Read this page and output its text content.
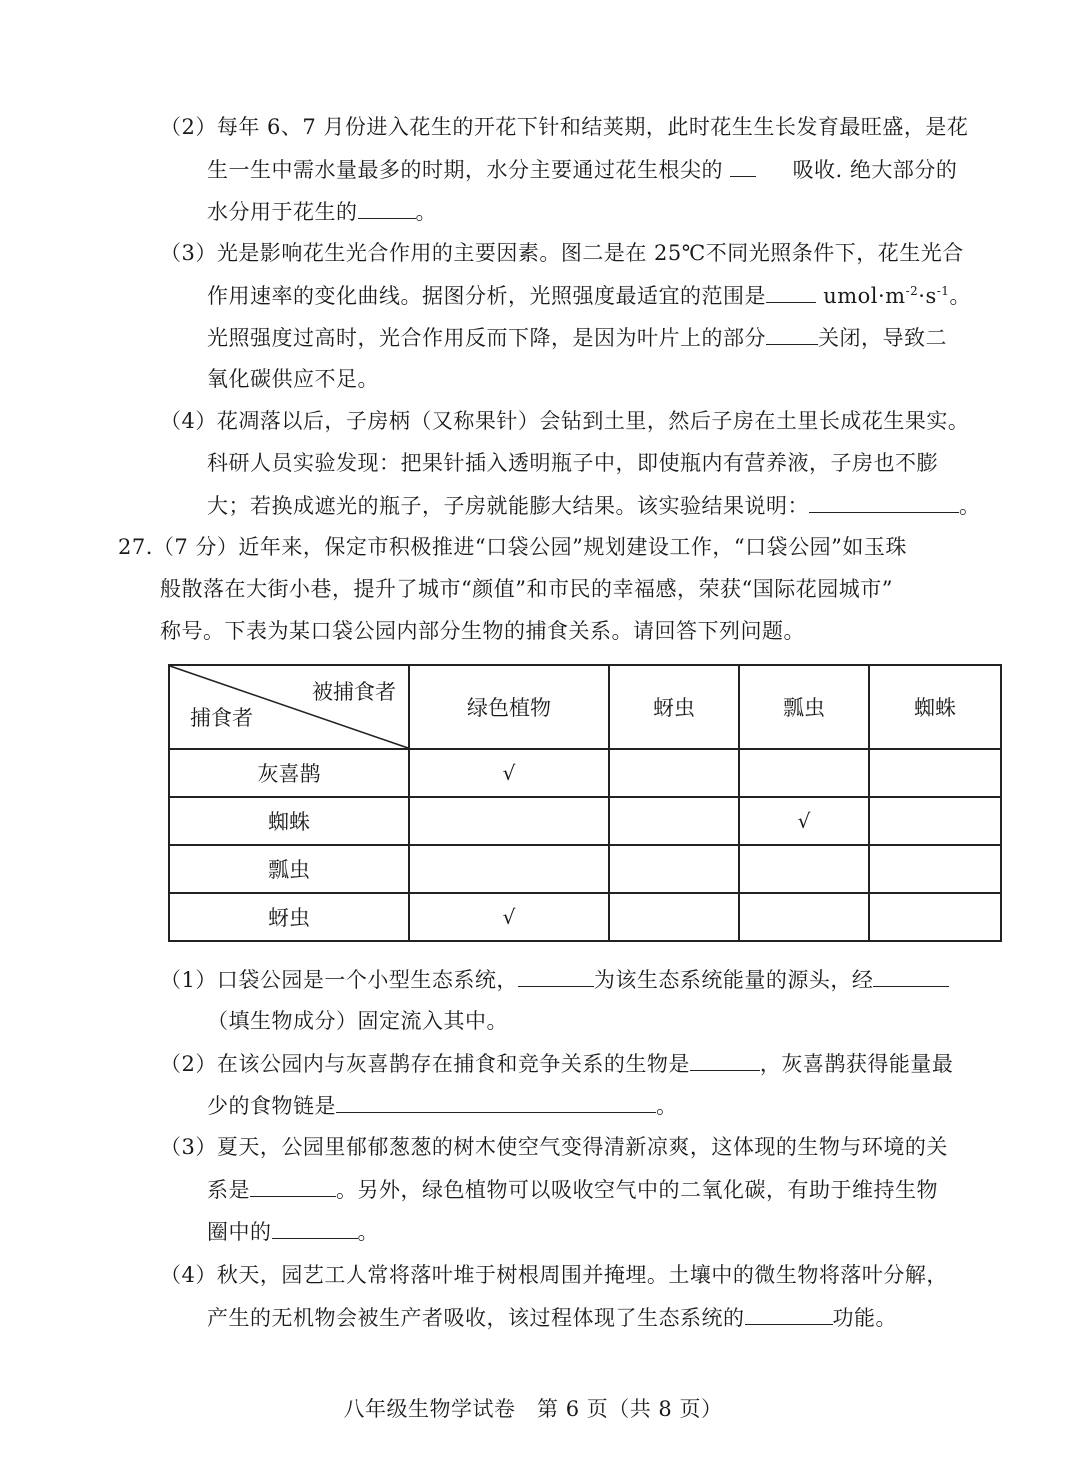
（2）每年 6、7 月份进入花生的开花下针和结荚期，此时花生生长发育最旺盛，是花
生一生中需水量最多的时期，水分主要通过花生根尖的	吸收. 绝大部分的
水分用于花生的	。
（3）光是影响花生光合作用的主要因素。图二是在 25℃不同光照条件下，花生光合
作用速率的变化曲线。据图分析，光照强度最适宜的范围是	$umol\cdot m^{-2}\cdot s^{-1}$。
光照强度过高时，光合作用反而下降，是因为叶片上的部分 关闭，导致二
氧化碳供应不足。
（4）花凋落以后，子房柄（又称果针）会钻到土里，然后子房在土里长成花生果实。
科研人员实验发现：把果针插入透明瓶子中，即使瓶内有营养液，子房也不膨
大；若换成遮光的瓶子，子房就能膨大结果。该实验结果说明：	。
27.（7 分）近年来，保定市积极推进“口袋公园”规划建设工作，“口袋公园”如玉珠
般散落在大街小巷，提升了城市“颜值”和市民的幸福感，荣获“国际花园城市”
称号。下表为某口袋公园内部分生物的捕食关系。请回答下列问题。
被捕食者
捕食者	绿色植物	蚜虫	瓢虫	蜘蛛
灰喜鹊	√			
蜘蛛			√	
瓢虫				
蚜虫	√			
（1）口袋公园是一个小型生态系统，	为该生态系统能量的源头，经
（填生物成分）固定流入其中。
（2）在该公园内与灰喜鹊存在捕食和竞争关系的生物是	，灰喜鹊获得能量最
少的食物链是	。
（3）夏天，公园里郁郁葱葱的树木使空气变得清新凉爽，这体现的生物与环境的关
系是	。另外，绿色植物可以吸收空气中的二氧化碳，有助于维持生物
圈中的	。
（4）秋天，园艺工人常将落叶堆于树根周围并掩埋。土壤中的微生物将落叶分解，
产生的无机物会被生产者吸收，该过程体现了生态系统的	功能。
八年级生物学试卷　第 6 页（共 8 页）
